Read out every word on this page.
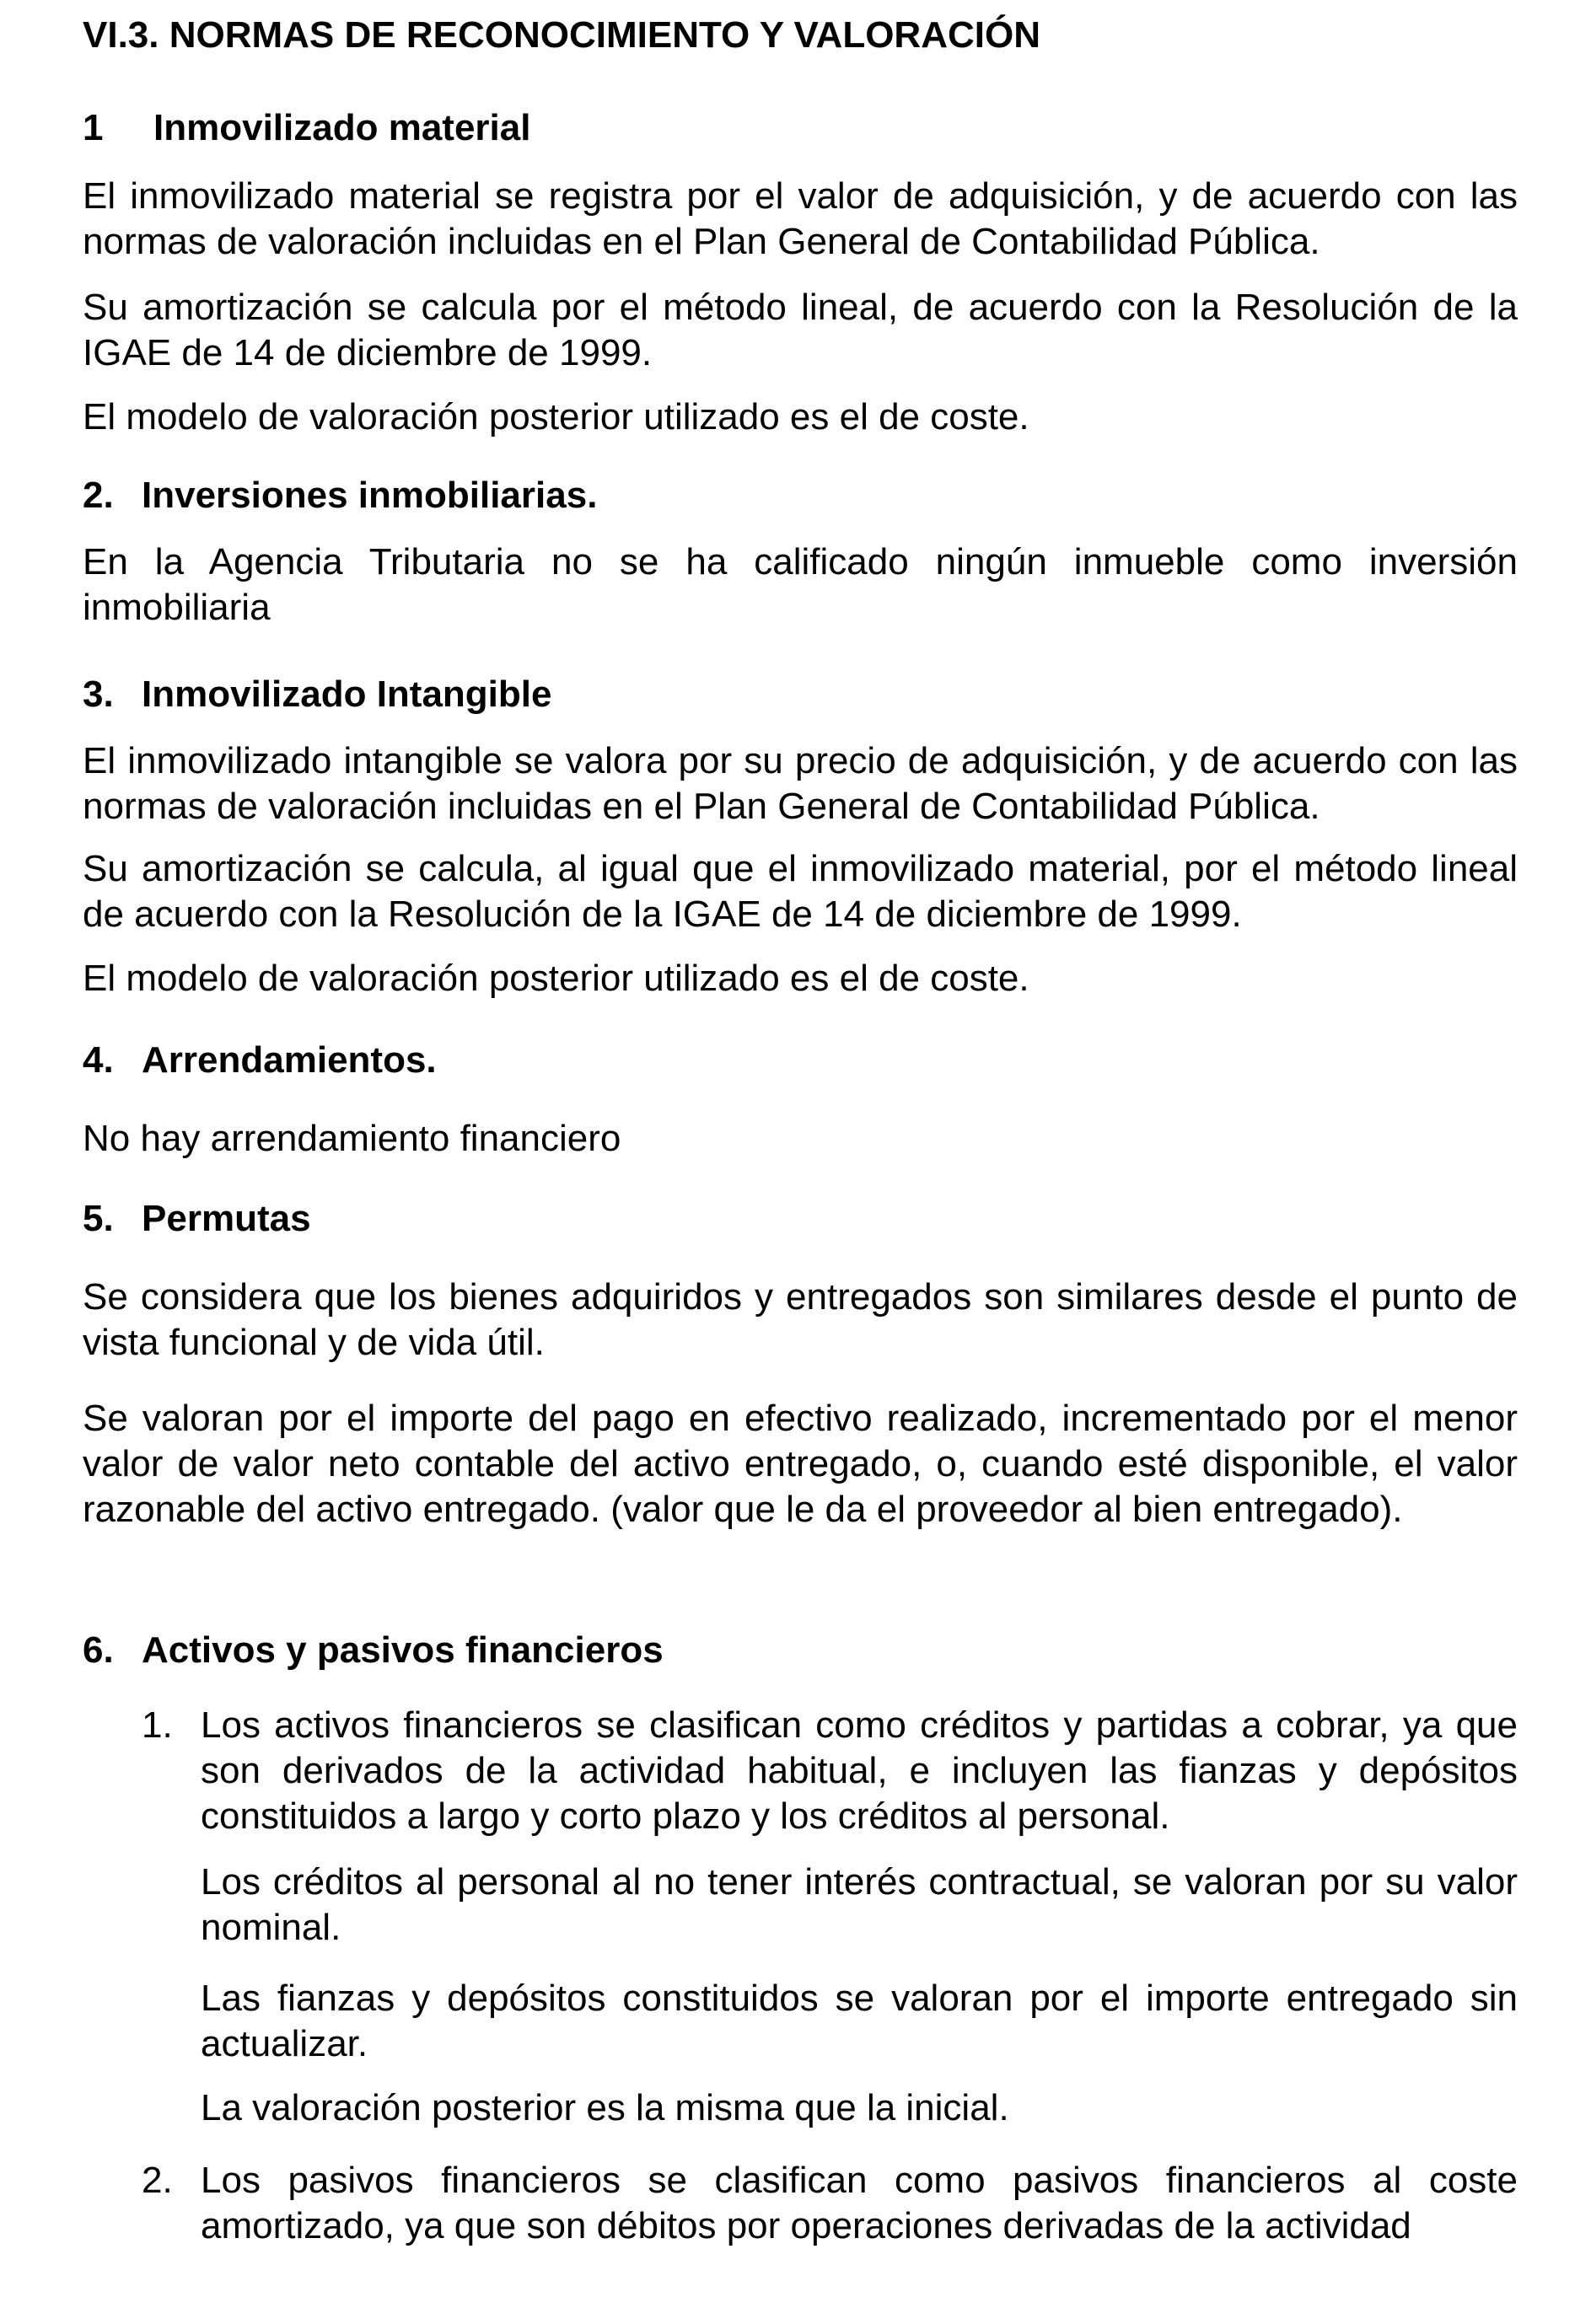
VI.3. NORMAS DE RECONOCIMIENTO Y VALORACIÓN
1 Inmovilizado material

El inmovilizado material se registra por el valor de adquisición, y de acuerdo con las normas de valoración incluidas en el Plan General de Contabilidad Pública.

Su amortización se calcula por el método lineal, de acuerdo con la Resolución de la IGAE de 14 de diciembre de 1999.

El modelo de valoración posterior utilizado es el de coste.

2. Inversiones inmobiliarias.

En la Agencia Tributaria no se ha calificado ningún inmueble como inversión inmobiliaria

3. Inmovilizado Intangible

El inmovilizado intangible se valora por su precio de adquisición, y de acuerdo con las normas de valoración incluidas en el Plan General de Contabilidad Pública.

Su amortización se calcula, al igual que el inmovilizado material, por el método lineal de acuerdo con la Resolución de la IGAE de 14 de diciembre de 1999.

El modelo de valoración posterior utilizado es el de coste.

4. Arrendamientos.

No hay arrendamiento financiero

5. Permutas

Se considera que los bienes adquiridos y entregados son similares desde el punto de vista funcional y de vida útil.

Se valoran por el importe del pago en efectivo realizado, incrementado por el menor valor de valor neto contable del activo entregado, o, cuando esté disponible, el valor razonable del activo entregado. (valor que le da el proveedor al bien entregado).

6. Activos y pasivos financieros
1. Los activos financieros se clasifican como créditos y partidas a cobrar, ya que son derivados de la actividad habitual, e incluyen las fianzas y depósitos constituidos a largo y corto plazo y los créditos al personal.

Los créditos al personal al no tener interés contractual, se valoran por su valor nominal.

Las fianzas y depósitos constituidos se valoran por el importe entregado sin actualizar.

La valoración posterior es la misma que la inicial.

2. Los pasivos financieros se clasifican como pasivos financieros al coste amortizado, ya que son débitos por operaciones derivadas de la actividad
